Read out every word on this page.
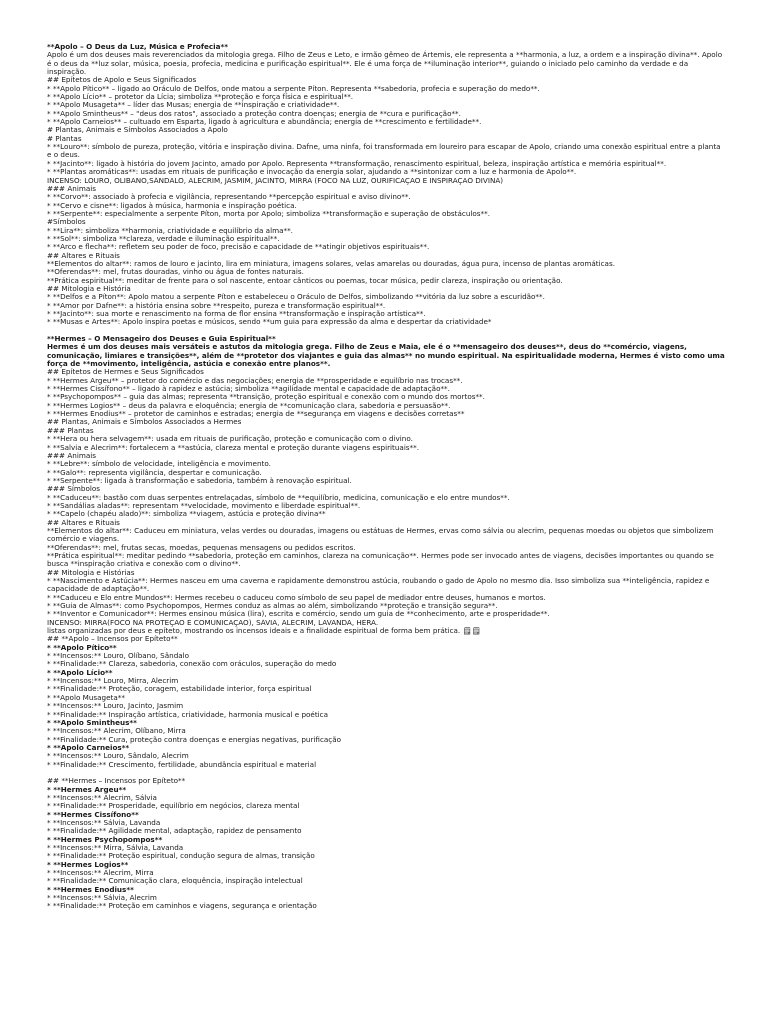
**Apolo – O Deus da Luz, Música e Profecia**
Apolo é um dos deuses mais reverenciados da mitologia grega. Filho de Zeus e Leto, e irmão gêmeo de Ártemis, ele representa a **harmonia, a luz, a ordem e a inspiração divina**. Apolo é o deus da **luz solar, música, poesia, profecia, medicina e purificação espiritual**. Ele é uma força de **iluminação interior**, guiando o iniciado pelo caminho da verdade e da inspiração.
## Epítetos de Apolo e Seus Significados
* **Apolo Pítico** – ligado ao Oráculo de Delfos, onde matou a serpente Píton. Representa **sabedoria, profecia e superação do medo**.
* **Apolo Lício** – protetor da Lícia; simboliza **proteção e força física e espiritual**.
* **Apolo Musageta** – líder das Musas; energia de **inspiração e criatividade**.
* **Apolo Smintheus** – "deus dos ratos", associado a proteção contra doenças; energia de **cura e purificação**.
* **Apolo Carneios** – cultuado em Esparta, ligado à agricultura e abundância; energia de **crescimento e fertilidade**.
# Plantas, Animais e Símbolos Associados a Apolo
# Plantas
* **Louro**: símbolo de pureza, proteção, vitória e inspiração divina. Dafne, uma ninfa, foi transformada em loureiro para escapar de Apolo, criando uma conexão espiritual entre a planta e o deus.
* **Jacinto**: ligado à história do jovem Jacinto, amado por Apolo. Representa **transformação, renascimento espiritual, beleza, inspiração artística e memória espiritual**.
* **Plantas aromáticas**: usadas em rituais de purificação e invocação da energia solar, ajudando a **sintonizar com a luz e harmonia de Apolo**.
INCENSO: LOURO, OLIBANO,SÂNDALO, ALECRIM, JASMIM, JACINTO, MIRRA (FOCO NA LUZ, OURIFICAÇÃO E INSPIRAÇÃO DIVINA)
### Animais
* **Corvo**: associado à profecia e vigilância, representando **percepção espiritual e aviso divino**.
* **Cervo e cisne**: ligados à música, harmonia e inspiração poética.
* **Serpente**: especialmente a serpente Píton, morta por Apolo; simboliza **transformação e superação de obstáculos**.
#Símbolos
* **Lira**: simboliza **harmonia, criatividade e equilíbrio da alma**.
* **Sol**: simboliza **clareza, verdade e iluminação espiritual**.
* **Arco e flecha**: refletem seu poder de foco, precisão e capacidade de **atingir objetivos espirituais**.
## Altares e Rituais
**Elementos do altar**: ramos de louro e jacinto, lira em miniatura, imagens solares, velas amarelas ou douradas, água pura, incenso de plantas aromáticas.
**Oferendas**: mel, frutas douradas, vinho ou água de fontes naturais.
**Prática espiritual**: meditar de frente para o sol nascente, entoar cânticos ou poemas, tocar música, pedir clareza, inspiração ou orientação.
## Mitologia e História
* **Delfos e a Píton**: Apolo matou a serpente Píton e estabeleceu o Oráculo de Delfos, simbolizando **vitória da luz sobre a escuridão**.
* **Amor por Dafne**: a história ensina sobre **respeito, pureza e transformação espiritual**.
* **Jacinto**: sua morte e renascimento na forma de flor ensina **transformação e inspiração artística**.
* **Musas e Artes**: Apolo inspira poetas e músicos, sendo **um guia para expressão da alma e despertar da criatividade*
**Hermes – O Mensageiro dos Deuses e Guia Espiritual**
Hermes é um dos deuses mais versáteis e astutos da mitologia grega. Filho de Zeus e Maia, ele é o **mensageiro dos deuses**, deus do **comércio, viagens, comunicação, limiares e transições**, além de **protetor dos viajantes e guia das almas** no mundo espiritual. Na espiritualidade moderna, Hermes é visto como uma força de **movimento, inteligência, astúcia e conexão entre planos**.
## Epítetos de Hermes e Seus Significados
* **Hermes Argeu** – protetor do comércio e das negociações; energia de **prosperidade e equilíbrio nas trocas**.
* **Hermes Cissífono** – ligado à rapidez e astúcia; simboliza **agilidade mental e capacidade de adaptação**.
* **Psychopompos** – guia das almas; representa **transição, proteção espiritual e conexão com o mundo dos mortos**.
* **Hermes Logios** – deus da palavra e eloquência; energia de **comunicação clara, sabedoria e persuasão**.
* **Hermes Enodius** – protetor de caminhos e estradas; energia de **segurança em viagens e decisões corretas**
## Plantas, Animais e Símbolos Associados a Hermes
### Plantas
* **Hera ou hera selvagem**: usada em rituais de purificação, proteção e comunicação com o divino.
* **Salvia e Alecrim**: fortalecem a **astúcia, clareza mental e proteção durante viagens espirituais**.
### Animais
* **Lebre**: símbolo de velocidade, inteligência e movimento.
* **Galo**: representa vigilância, despertar e comunicação.
* **Serpente**: ligada à transformação e sabedoria, também à renovação espiritual.
### Símbolos
* **Caduceu**: bastão com duas serpentes entrelaçadas, símbolo de **equilíbrio, medicina, comunicação e elo entre mundos**.
* **Sandálias aladas**: representam **velocidade, movimento e liberdade espiritual**.
* **Capelo (chapéu alado)**: simboliza **viagem, astúcia e proteção divina**
## Altares e Rituais
**Elementos do altar**: Caduceu em miniatura, velas verdes ou douradas, imagens ou estátuas de Hermes, ervas como sálvia ou alecrim, pequenas moedas ou objetos que simbolizem comércio e viagens.
**Oferendas**: mel, frutas secas, moedas, pequenas mensagens ou pedidos escritos.
**Prática espiritual**: meditar pedindo **sabedoria, proteção em caminhos, clareza na comunicação**. Hermes pode ser invocado antes de viagens, decisões importantes ou quando se busca **inspiração criativa e conexão com o divino**.
## Mitologia e Histórias
* **Nascimento e Astúcia**: Hermes nasceu em uma caverna e rapidamente demonstrou astúcia, roubando o gado de Apolo no mesmo dia. Isso simboliza sua **inteligência, rapidez e capacidade de adaptação**.
* **Caduceu e Elo entre Mundos**: Hermes recebeu o caduceu como símbolo de seu papel de mediador entre deuses, humanos e mortos.
* **Guia de Almas**: como Psychopompos, Hermes conduz as almas ao além, simbolizando **proteção e transição segura**.
* **Inventor e Comunicador**: Hermes ensinou música (lira), escrita e comércio, sendo um guia de **conhecimento, arte e prosperidade**.
INCENSO: MIRRA(FOCO NA PROTEÇÃO E COMUNICAÇÃO), SÁVIA, ALECRIM, LAVANDA, HERA.
listas organizadas por deus e epíteto, mostrando os incensos ideais e a finalidade espiritual de forma bem prática. 🗒🗒
## **Apolo – Incensos por Epíteto**
* **Apolo Pítico**
* **Incensos:** Louro, Olíbano, Sândalo
* **Finalidade:** Clareza, sabedoria, conexão com oráculos, superação do medo
* **Apolo Lício**
* **Incensos:** Louro, Mirra, Alecrim
* **Finalidade:** Proteção, coragem, estabilidade interior, força espiritual
* **Apolo Musageta**
* **Incensos:** Louro, Jacinto, Jasmim
* **Finalidade:** Inspiração artística, criatividade, harmonia musical e poética
* **Apolo Smintheus**
* **Incensos:** Alecrim, Olíbano, Mirra
* **Finalidade:** Cura, proteção contra doenças e energias negativas, purificação
* **Apolo Carneios**
* **Incensos:** Louro, Sândalo, Alecrim
* **Finalidade:** Crescimento, fertilidade, abundância espiritual e material
## **Hermes – Incensos por Epíteto**
* **Hermes Argeu**
* **Incensos:** Alecrim, Sálvia
* **Finalidade:** Prosperidade, equilíbrio em negócios, clareza mental
* **Hermes Cissífono**
* **Incensos:** Sálvia, Lavanda
* **Finalidade:** Agilidade mental, adaptação, rapidez de pensamento
* **Hermes Psychopompos**
* **Incensos:** Mirra, Sálvia, Lavanda
* **Finalidade:** Proteção espiritual, condução segura de almas, transição
* **Hermes Logios**
* **Incensos:** Alecrim, Mirra
* **Finalidade:** Comunicação clara, eloquência, inspiração intelectual
* **Hermes Enodius**
* **Incensos:** Sálvia, Alecrim
* **Finalidade:** Proteção em caminhos e viagens, segurança e orientação
